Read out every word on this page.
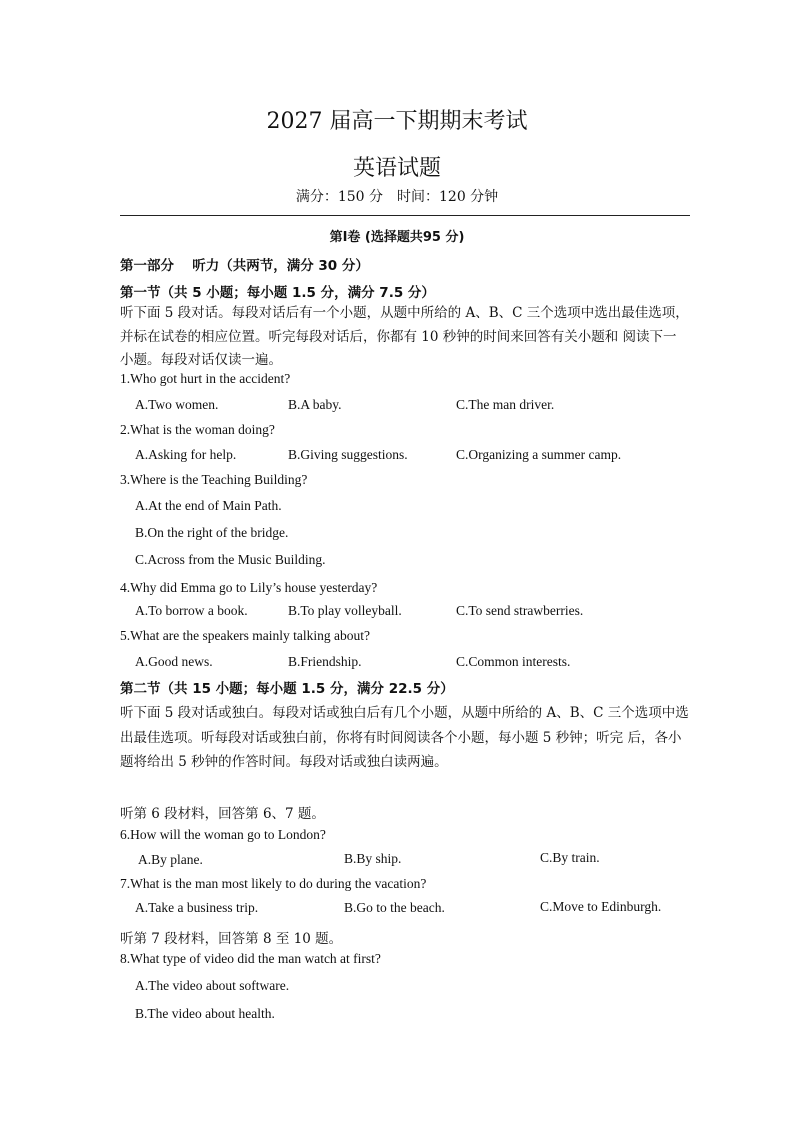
2027 届高一下期期末考试
英语试题
满分：150 分　时间：120 分钟
第Ⅰ卷 (选择题共95 分)
第一部分　 听力（共两节，满分 30 分）
第一节（共 5 小题；每小题 1.5 分，满分 7.5 分）
听下面 5 段对话。每段对话后有一个小题，从题中所给的 A、B、C 三个选项中选出最佳选项，并标在试卷的相应位置。听完每段对话后，你都有 10 秒钟的时间来回答有关小题和 阅读下一小题。每段对话仅读一遍。
1.Who got hurt in the accident?
A.Two women.	B.A baby.	C.The man driver.
2.What is the woman doing?
A.Asking for help.	B.Giving suggestions.	C.Organizing a summer camp.
3.Where is the Teaching Building?
A.At the end of Main Path.
B.On the right of the bridge.
C.Across from the Music Building.
4.Why did Emma go to Lily’s house yesterday?
A.To borrow a book.	B.To play volleyball.	C.To send strawberries.
5.What are the speakers mainly talking about?
A.Good news.	B.Friendship.	C.Common interests.
第二节（共 15 小题；每小题 1.5 分，满分 22.5 分）
听下面 5 段对话或独白。每段对话或独白后有几个小题，从题中所给的 A、B、C 三个选项中选出最佳选项。听每段对话或独白前，你将有时间阅读各个小题，每小题 5 秒钟；听完 后，各小题将给出 5 秒钟的作答时间。每段对话或独白读两遍。
听第 6 段材料，回答第 6、7 题。
6.How will the woman go to London?
A.By plane.	B.By ship.	C.By train.
7.What is the man most likely to do during the vacation?
A.Take a business trip.	B.Go to the beach.	C.Move to Edinburgh.
听第 7 段材料，回答第 8 至 10 题。
8.What type of video did the man watch at first?
A.The video about software.
B.The video about health.
